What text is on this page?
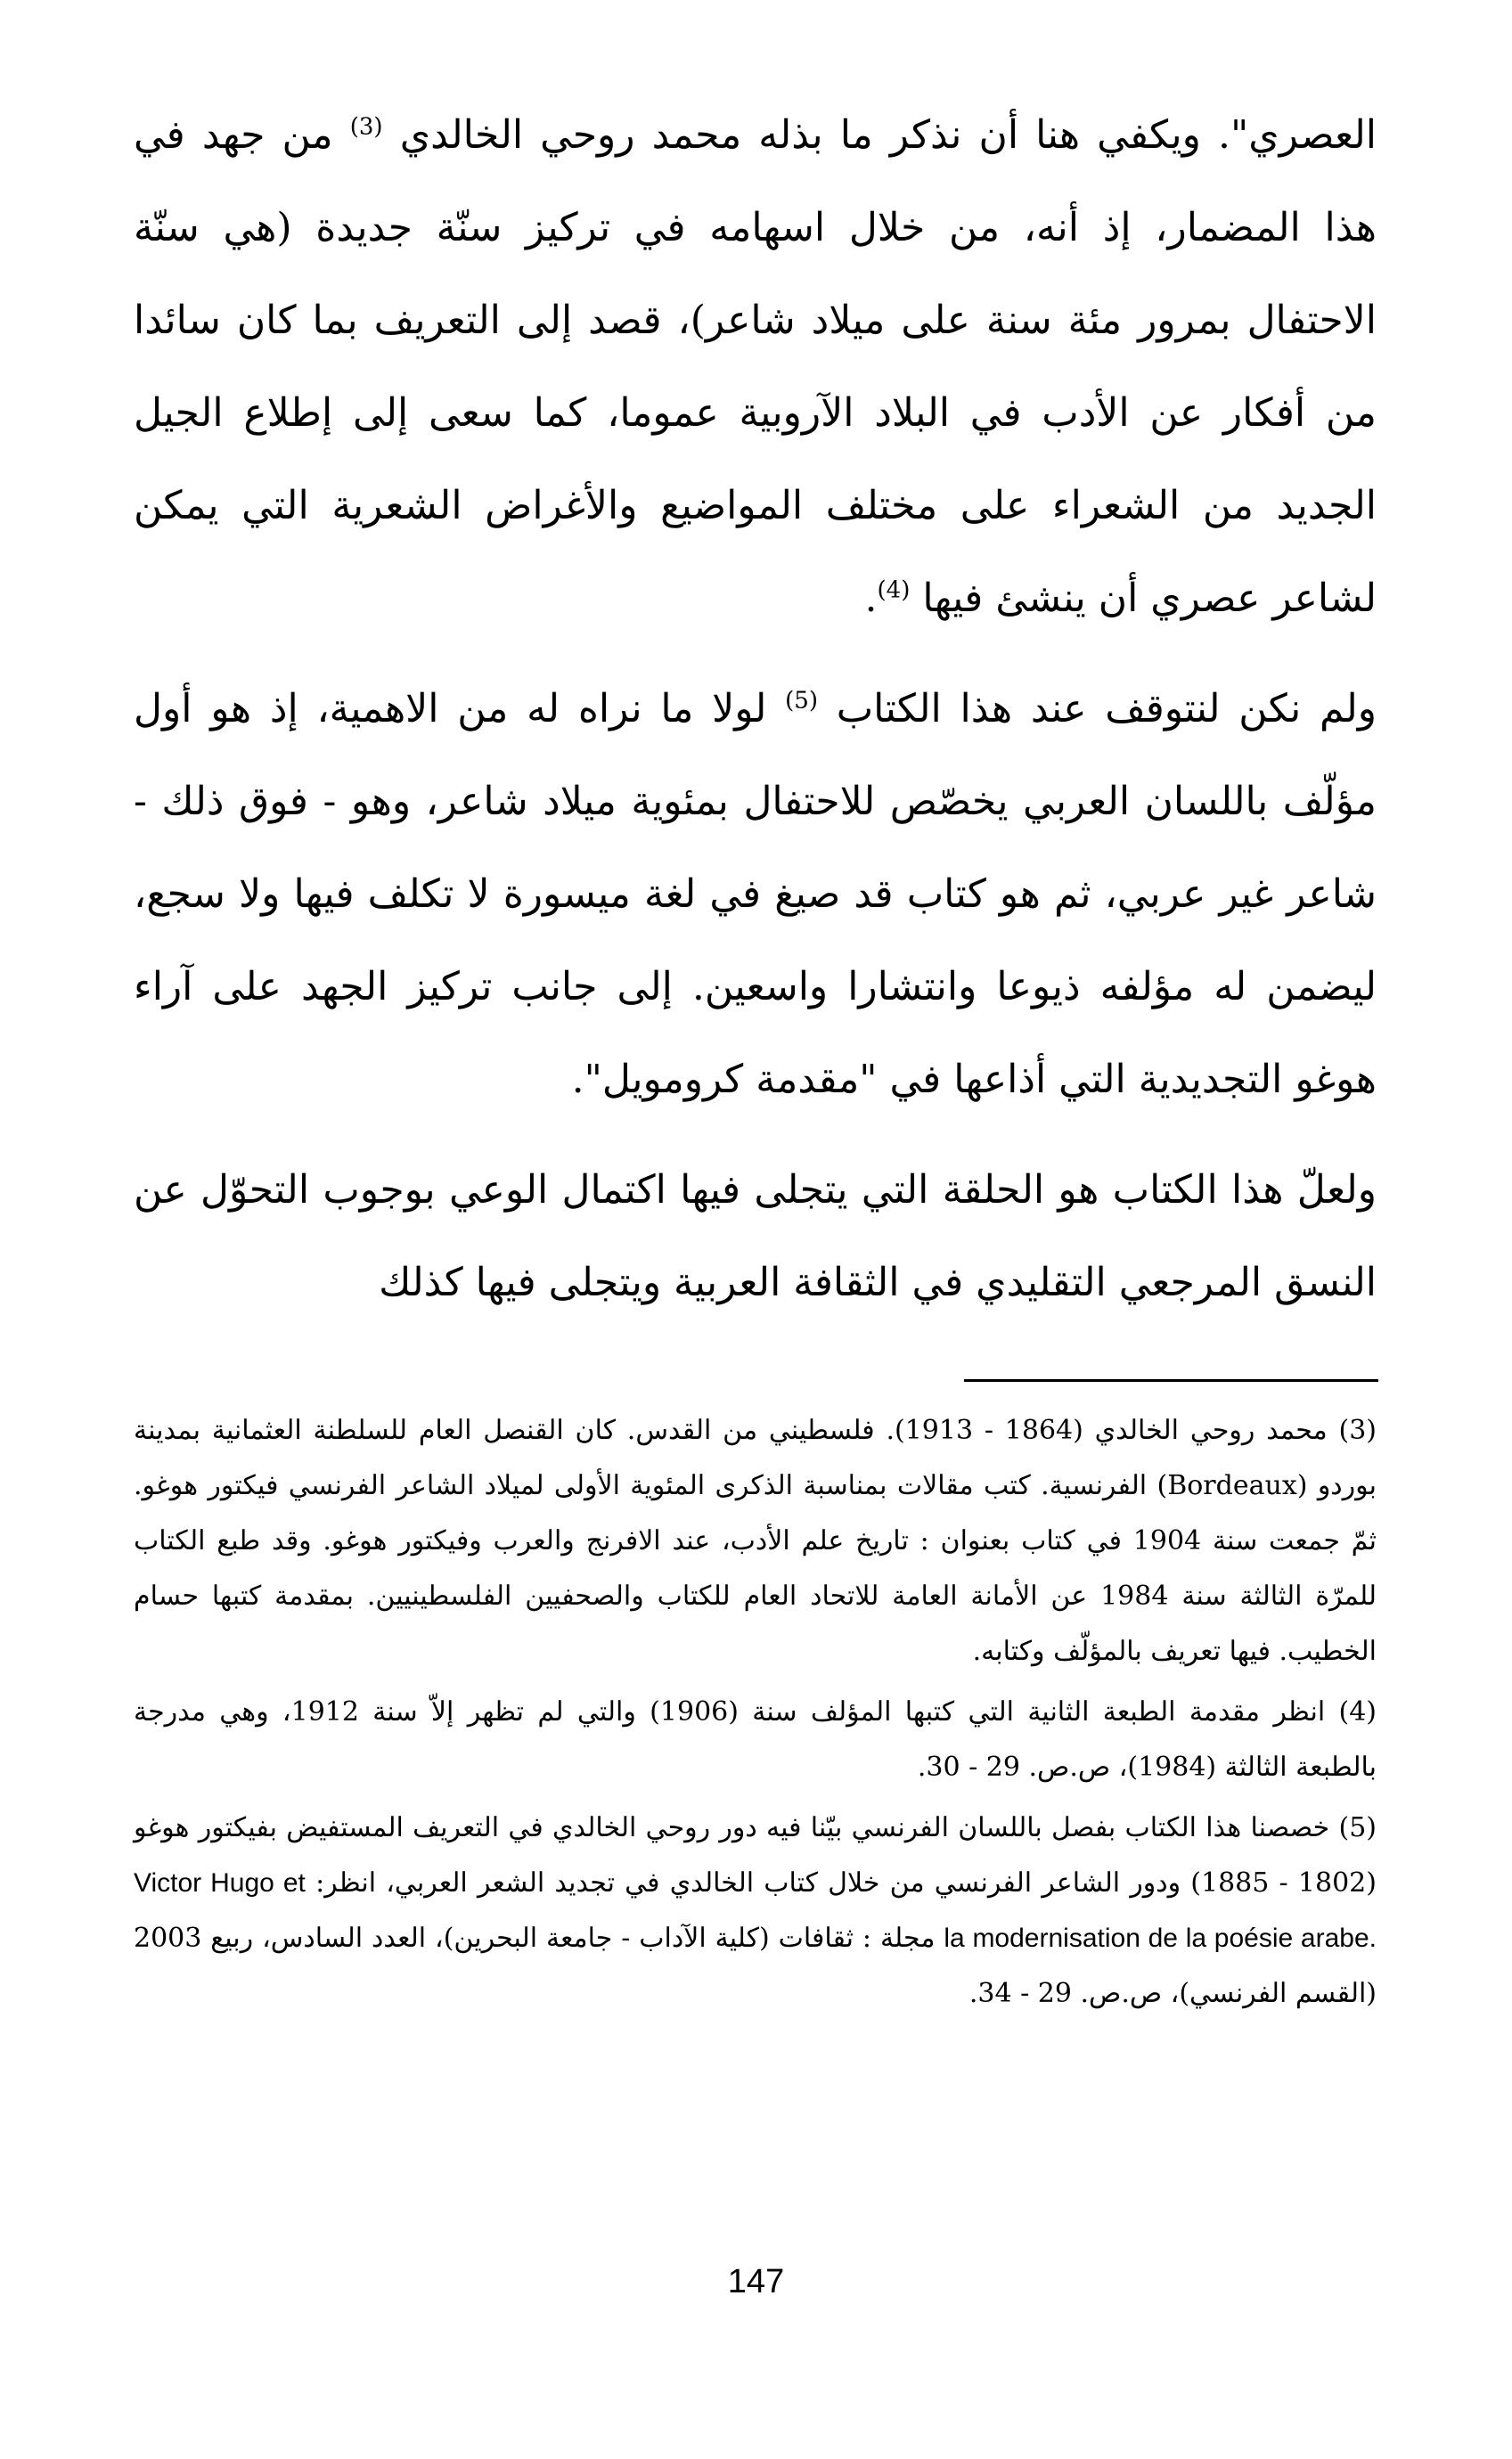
العصري". ويكفي هنا أن نذكر ما بذله محمد روحي الخالدي $^{(3)}$ من جهد في هذا المضمار، إذ أنه، من خلال اسهامه في تركيز سنّة جديدة (هي سنّة الاحتفال بمرور مئة سنة على ميلاد شاعر)، قصد إلى التعريف بما كان سائدا من أفكار عن الأدب في البلاد الآروبية عموما، كما سعى إلى إطلاع الجيل الجديد من الشعراء على مختلف المواضيع والأغراض الشعرية التي يمكن لشاعر عصري أن ينشئ فيها $^{(4)}$.

ولم نكن لنتوقف عند هذا الكتاب $^{(5)}$ لولا ما نراه له من الاهمية، إذ هو أول مؤلّف باللسان العربي يخصّص للاحتفال بمئوية ميلاد شاعر، وهو - فوق ذلك - شاعر غير عربي، ثم هو كتاب قد صيغ في لغة ميسورة لا تكلف فيها ولا سجع، ليضمن له مؤلفه ذيوعا وانتشارا واسعين. إلى جانب تركيز الجهد على آراء هوغو التجديدية التي أذاعها في "مقدمة كرومويل".

ولعلّ هذا الكتاب هو الحلقة التي يتجلى فيها اكتمال الوعي بوجوب التحوّل عن النسق المرجعي التقليدي في الثقافة العربية ويتجلى فيها كذلك

(3) محمد روحي الخالدي (1864 - 1913). فلسطيني من القدس. كان القنصل العام للسلطنة العثمانية بمدينة بوردو (Bordeaux) الفرنسية. كتب مقالات بمناسبة الذكرى المئوية الأولى لميلاد الشاعر الفرنسي فيكتور هوغو. ثمّ جمعت سنة 1904 في كتاب بعنوان : تاريخ علم الأدب، عند الافرنج والعرب وفيكتور هوغو. وقد طبع الكتاب للمرّة الثالثة سنة 1984 عن الأمانة العامة للاتحاد العام للكتاب والصحفيين الفلسطينيين. بمقدمة كتبها حسام الخطيب. فيها تعريف بالمؤلّف وكتابه.

(4) انظر مقدمة الطبعة الثانية التي كتبها المؤلف سنة (1906) والتي لم تظهر إلاّ سنة 1912، وهي مدرجة بالطبعة الثالثة (1984)، ص.ص. 29 - 30.

(5) خصصنا هذا الكتاب بفصل باللسان الفرنسي بيّنا فيه دور روحي الخالدي في التعريف المستفيض بفيكتور هوغو (1802 - 1885) ودور الشاعر الفرنسي من خلال كتاب الخالدي في تجديد الشعر العربي، انظر: Victor Hugo et la modernisation de la poésie arabe. مجلة : ثقافات (كلية الآداب - جامعة البحرين)، العدد السادس، ربيع 2003 (القسم الفرنسي)، ص.ص. 29 - 34.

147
